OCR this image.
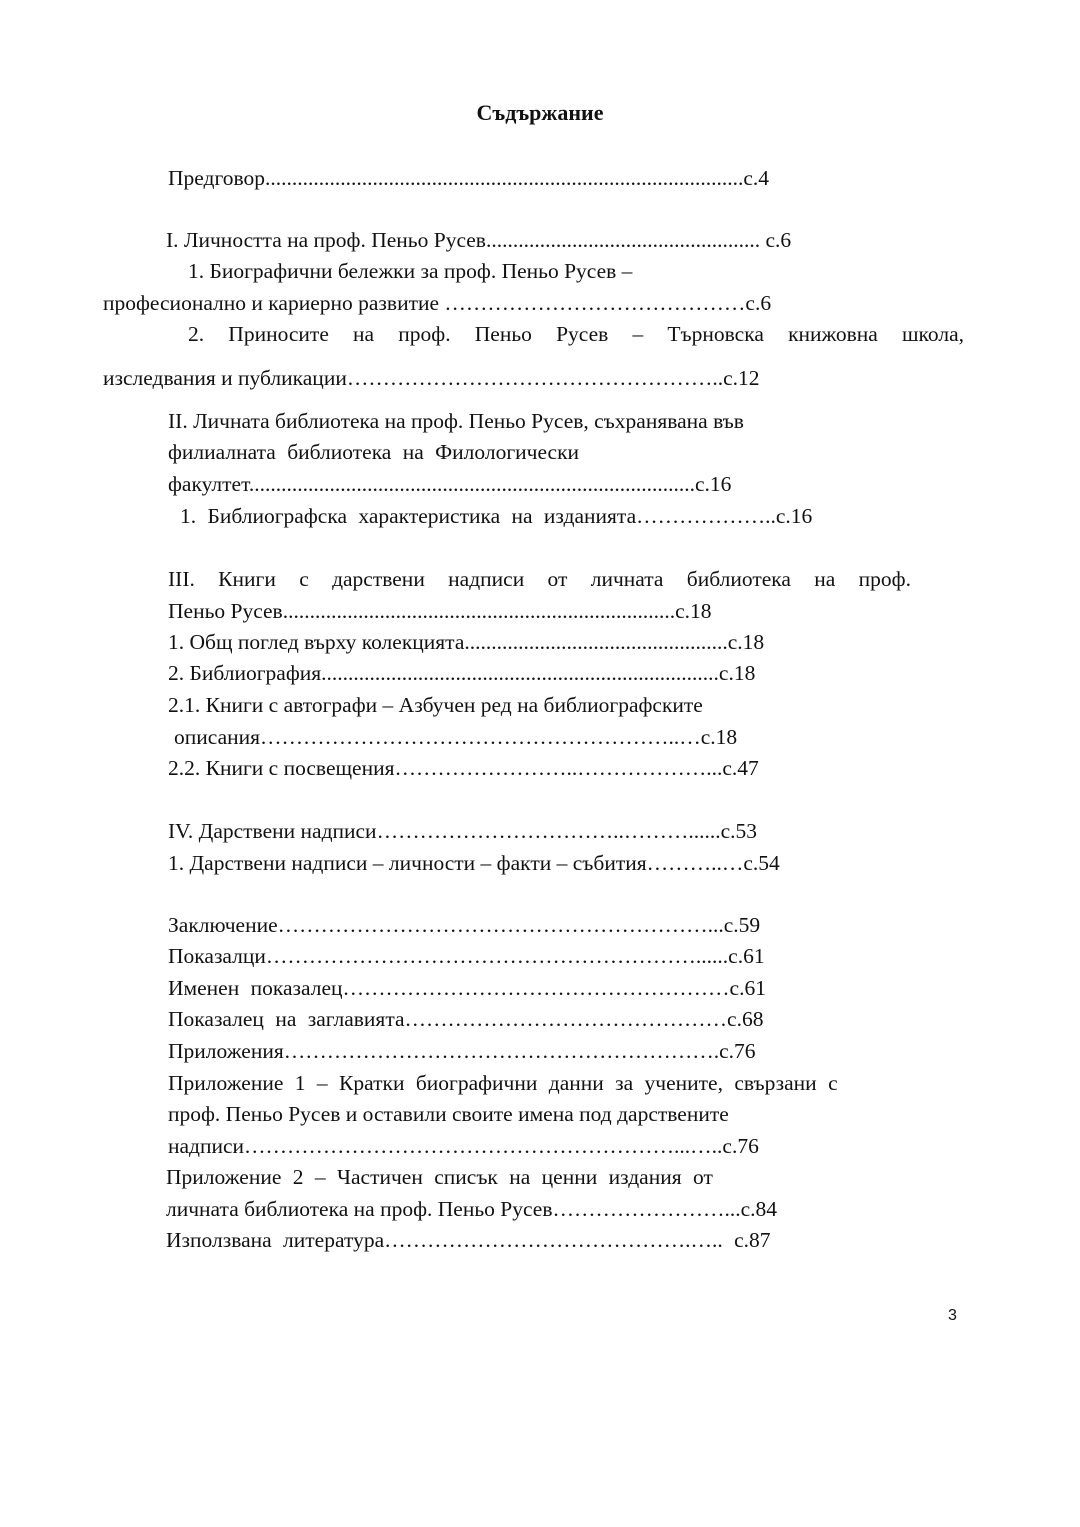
Съдържание
Предговор.........................................................................................с.4
I. Личността на проф. Пеньо Русев................................................... с.6
1. Биографични бележки за проф. Пеньо Русев –
професионално и кариерно развитие ……………………………………с.6
2. Приносите на проф. Пеньо Русев – Търновска книжовна школа,
изследвания и публикации……………………………………………..с.12
II. Личната библиотека на проф. Пеньо Русев, съхранявана във
филиалната библиотека на Филологически
факултет...................................................................................с.16
1. Библиографска характеристика на изданията………………..с.16
III. Книги с дарствени надписи от личната библиотека на проф.
Пеньо Русев.........................................................................с.18
1. Общ поглед върху колекцията.................................................с.18
2. Библиография..........................................................................с.18
2.1. Книги с автографи – Азбучен ред на библиографските
описания…………………………………………………..…с.18
2.2. Книги с посвещения……………………..………………...с.47
IV. Дарствени надписи……………………………..………......с.53
1. Дарствени надписи – личности – факти – събития………..…с.54
Заключение……………………………………………………...с.59
Показалци……………………………………………………......с.61
Именен показалец………………………………………………с.61
Показалец на заглавията………………………………………с.68
Приложения…………………………………………………….с.76
Приложение 1 – Кратки биографични данни за учените, свързани с
проф. Пеньо Русев и оставили своите имена под дарствените
надписи……………………………………………………...…..с.76
Приложение 2 – Частичен списък на ценни издания от
личната библиотека на проф. Пеньо Русев……………………...с.84
Използвана литература…………………………………….….. с.87
3
